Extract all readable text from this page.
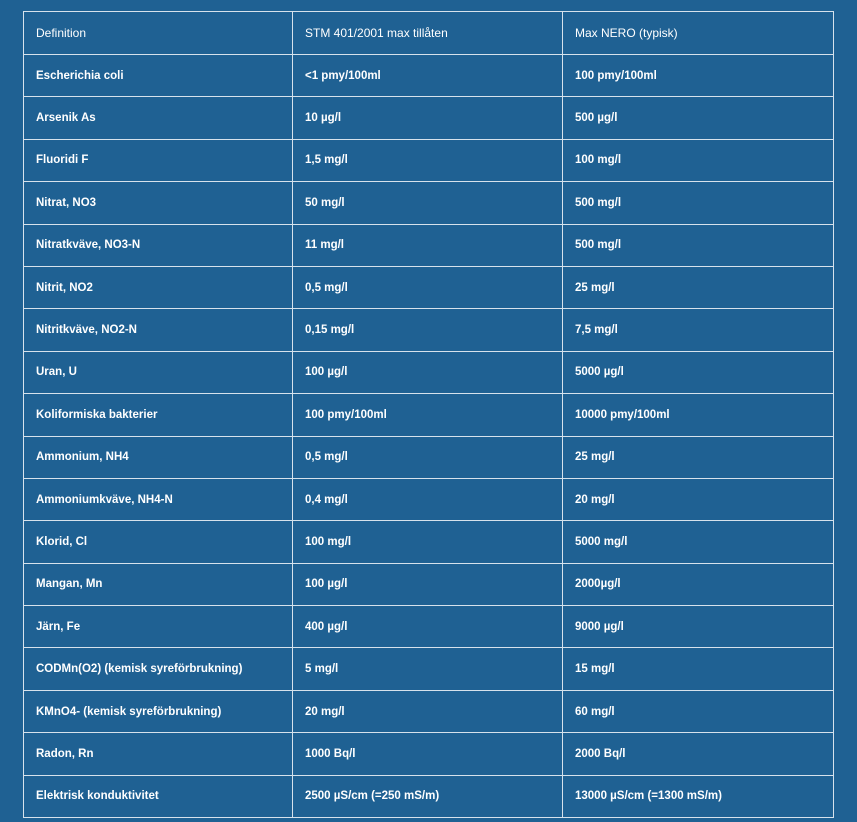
Definition	STM 401/2001 max tillåten	Max NERO (typisk)
Escherichia coli	<1 pmy/100ml	100 pmy/100ml
Arsenik As	10 µg/l	500 µg/l
Fluoridi F	1,5 mg/l	100 mg/l
Nitrat, NO3	50 mg/l	500 mg/l
Nitratkväve, NO3-N	11 mg/l	500 mg/l
Nitrit, NO2	0,5 mg/l	25 mg/l
Nitritkväve, NO2-N	0,15 mg/l	7,5 mg/l
Uran, U	100 µg/l	5000 µg/l
Koliformiska bakterier	100 pmy/100ml	10000 pmy/100ml
Ammonium, NH4	0,5 mg/l	25 mg/l
Ammoniumkväve, NH4-N	0,4 mg/l	20 mg/l
Klorid, Cl	100 mg/l	5000 mg/l
Mangan, Mn	100 µg/l	2000µg/l
Järn, Fe	400 µg/l	9000 µg/l
CODMn(O2) (kemisk syreförbrukning)	5 mg/l	15 mg/l
KMnO4- (kemisk syreförbrukning)	20 mg/l	60 mg/l
Radon, Rn	1000 Bq/l	2000 Bq/l
Elektrisk konduktivitet	2500 µS/cm (=250 mS/m)	13000 µS/cm (=1300 mS/m)
